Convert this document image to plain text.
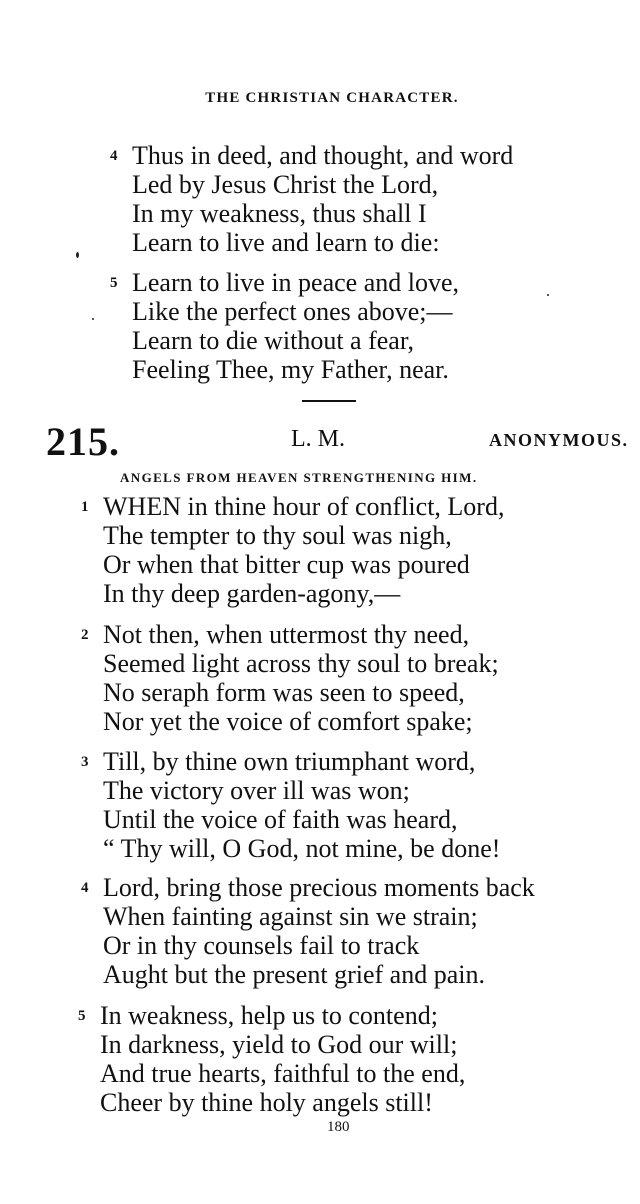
THE CHRISTIAN CHARACTER.
4 Thus in deed, and thought, and word
Led by Jesus Christ the Lord,
In my weakness, thus shall I
Learn to live and learn to die:
5 Learn to live in peace and love,
Like the perfect ones above;—
Learn to die without a fear,
Feeling Thee, my Father, near.
215.	L. M.	ANONYMOUS.
ANGELS FROM HEAVEN STRENGTHENING HIM.
1 WHEN in thine hour of conflict, Lord,
The tempter to thy soul was nigh,
Or when that bitter cup was poured
In thy deep garden-agony,—
2 Not then, when uttermost thy need,
Seemed light across thy soul to break;
No seraph form was seen to speed,
Nor yet the voice of comfort spake;
3 Till, by thine own triumphant word,
The victory over ill was won;
Until the voice of faith was heard,
“ Thy will, O God, not mine, be done!
4 Lord, bring those precious moments back
When fainting against sin we strain;
Or in thy counsels fail to track
Aught but the present grief and pain.
5 In weakness, help us to contend;
In darkness, yield to God our will;
And true hearts, faithful to the end,
Cheer by thine holy angels still!
180
